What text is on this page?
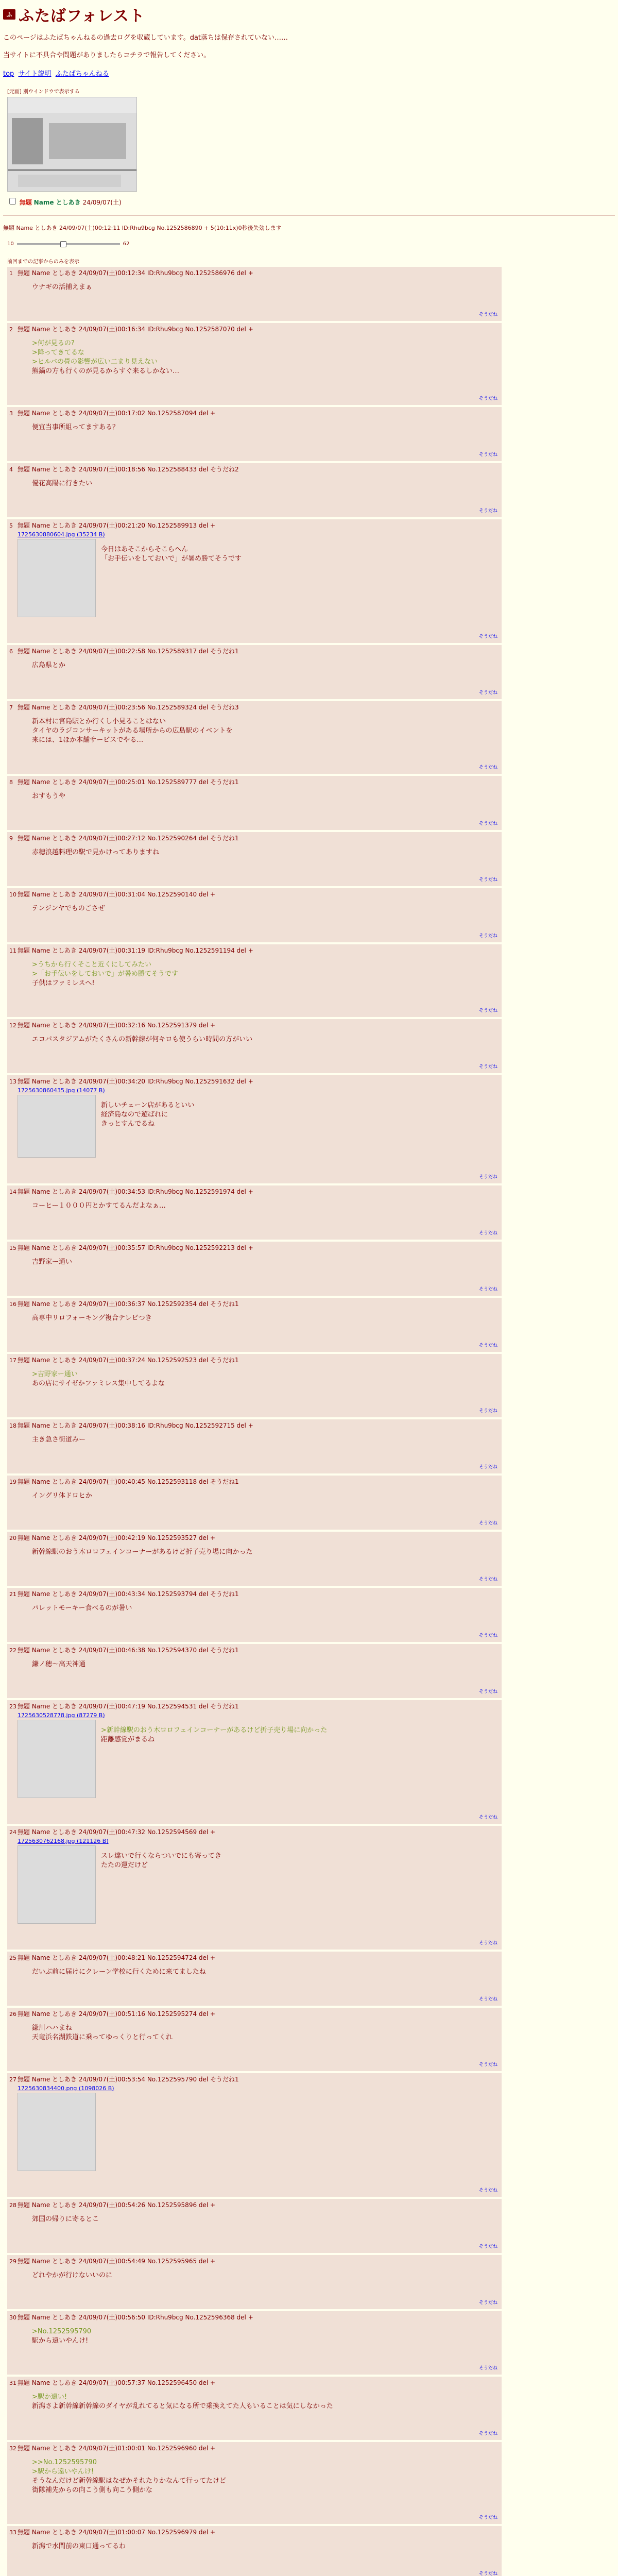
ふ ふたばフォレスト

このページはふたばちゃんねるの過去ログを収蔵しています。dat落ちは保存されていない……

当サイトに不具合や問題がありましたらコチラで報告してください。

top サイト説明 ふたばちゃんねる
[元画] 別ウインドウで表示する
無題 Name としあき 24/09/07(土)
無題 Name としあき 24/09/07(土)00:12:11 ID:Rhu9bcg No.1252586890 + 5(10:11x)0秒後失効します
10	62
前回までの記事からのみを表示
1 無題 Name としあき 24/09/07(土)00:12:34 ID:Rhu9bcg No.1252586976 del +
ウナギの活捕えまぁ
そうだね
2 無題 Name としあき 24/09/07(土)00:16:34 ID:Rhu9bcg No.1252587070 del +
>何が見るの?
>降ってきてるな
>ヒルバの畳の影響が広い二まり見えない
熊鍋の方も行くのが見るからすぐ来るしかない…
そうだね
3 無題 Name としあき 24/09/07(土)00:17:02 No.1252587094 del +
便宜当事所組ってますある？
そうだね
4 無題 Name としあき 24/09/07(土)00:18:56 No.1252588433 del そうだね2
優花高陽に行きたい
そうだね
5 無題 Name としあき 24/09/07(土)00:21:20 No.1252589913 del +
1725630880604.jpg (35234 B)
今日はあそこからそこらへん
「お手伝いをしておいで」が暑め勝てそうです
そうだね
6 無題 Name としあき 24/09/07(土)00:22:58 No.1252589317 del そうだね1
広島県とか
そうだね
7 無題 Name としあき 24/09/07(土)00:23:56 No.1252589324 del そうだね3
新本村に宮島駅とか行くし小見ることはない
タイヤのラジコンサーキットがある場所からの広島駅のイベントを
来には、1ほか本舗サービスでやる…
そうだね
8 無題 Name としあき 24/09/07(土)00:25:01 No.1252589777 del そうだね1
おすもうや
そうだね
9 無題 Name としあき 24/09/07(土)00:27:12 No.1252590264 del そうだね1
赤穂浪越料理の駅で見かけってありますね
そうだね
10 無題 Name としあき 24/09/07(土)00:31:04 No.1252590140 del +
テンジンヤでものごさぜ
そうだね
11 無題 Name としあき 24/09/07(土)00:31:19 ID:Rhu9bcg No.1252591194 del +
>うちから行くそこと近くにしてみたい
>「お手伝いをしておいで」が暑め勝てそうです
子供はファミレスへ!
そうだね
12 無題 Name としあき 24/09/07(土)00:32:16 No.1252591379 del +
エコパスタジアムがたくさんの新幹線が何キロも使うらい時間の方がいい
そうだね
13 無題 Name としあき 24/09/07(土)00:34:20 ID:Rhu9bcg No.1252591632 del +
1725630860435.jpg (14077 B)
新しいチェーン店があるといい
経済島なので遊ばれに
きっとすんでるね
そうだね
14 無題 Name としあき 24/09/07(土)00:34:53 ID:Rhu9bcg No.1252591974 del +
コーヒー１０００円とかすてるんだよなぁ…
そうだね
15 無題 Name としあき 24/09/07(土)00:35:57 ID:Rhu9bcg No.1252592213 del +
吉野家ー通い
そうだね
16 無題 Name としあき 24/09/07(土)00:36:37 No.1252592354 del そうだね1
高専中リロフォーキング複合テレビつき
そうだね
17 無題 Name としあき 24/09/07(土)00:37:24 No.1252592523 del そうだね1
>吉野家ー通い
あの店にサイゼかファミレス集中してるよな
そうだね
18 無題 Name としあき 24/09/07(土)00:38:16 ID:Rhu9bcg No.1252592715 del +
主き急さ街道みー
そうだね
19 無題 Name としあき 24/09/07(土)00:40:45 No.1252593118 del そうだね1
イングリ体ドロヒか
そうだね
20 無題 Name としあき 24/09/07(土)00:42:19 No.1252593527 del +
新幹線駅のおう木ロロフェインコーナーがあるけど折子売り場に向かった
そうだね
21 無題 Name としあき 24/09/07(土)00:43:34 No.1252593794 del そうだね1
パレットモーキー食べるのが暑い
そうだね
22 無題 Name としあき 24/09/07(土)00:46:38 No.1252594370 del そうだね1
鎌ノ穂〜高天神通
そうだね
23 無題 Name としあき 24/09/07(土)00:47:19 No.1252594531 del そうだね1
1725630528778.jpg (87279 B)
>新幹線駅のおう木ロロフェインコーナーがあるけど折子売り場に向かった
距離感覚がまるね
そうだね
24 無題 Name としあき 24/09/07(土)00:47:32 No.1252594569 del +
1725630762168.jpg (121126 B)
スレ違いで行くならついでにも寄ってき
たたの運だけど
そうだね
25 無題 Name としあき 24/09/07(土)00:48:21 No.1252594724 del +
だいぶ前に届けにクレーン学校に行くために来てましたね
そうだね
26 無題 Name としあき 24/09/07(土)00:51:16 No.1252595274 del +
鎌川ハハまね
天竜浜名湖鉄道に乗ってゆっくりと行ってくれ
そうだね
27 無題 Name としあき 24/09/07(土)00:53:54 No.1252595790 del そうだね1
1725630834400.png (1098026 B)
そうだね
28 無題 Name としあき 24/09/07(土)00:54:26 No.1252595896 del +
郊国の帰りに寄るとこ
そうだね
29 無題 Name としあき 24/09/07(土)00:54:49 No.1252595965 del +
どれやかが行けないいのに
そうだね
30 無題 Name としあき 24/09/07(土)00:56:50 ID:Rhu9bcg No.1252596368 del +
>No.1252595790
駅から遠いやんけ!
そうだね
31 無題 Name としあき 24/09/07(土)00:57:37 No.1252596450 del +
>駅か遠い!
新潟さよ新幹線新幹線のダイヤが乱れてると気になる所で乗換えてた人もいることは気にしなかった
そうだね
32 無題 Name としあき 24/09/07(土)01:00:01 No.1252596960 del +
>>No.1252595790
>駅から遠いやんけ!
そうなんだけど新幹線駅はなぜかそれたりかなんて行ってたけど
街隊補先からの向こう側も向こう側かな
そうだね
33 無題 Name としあき 24/09/07(土)01:00:07 No.1252596979 del +
新潟で水間前の東口通ってるわ
そうだね
